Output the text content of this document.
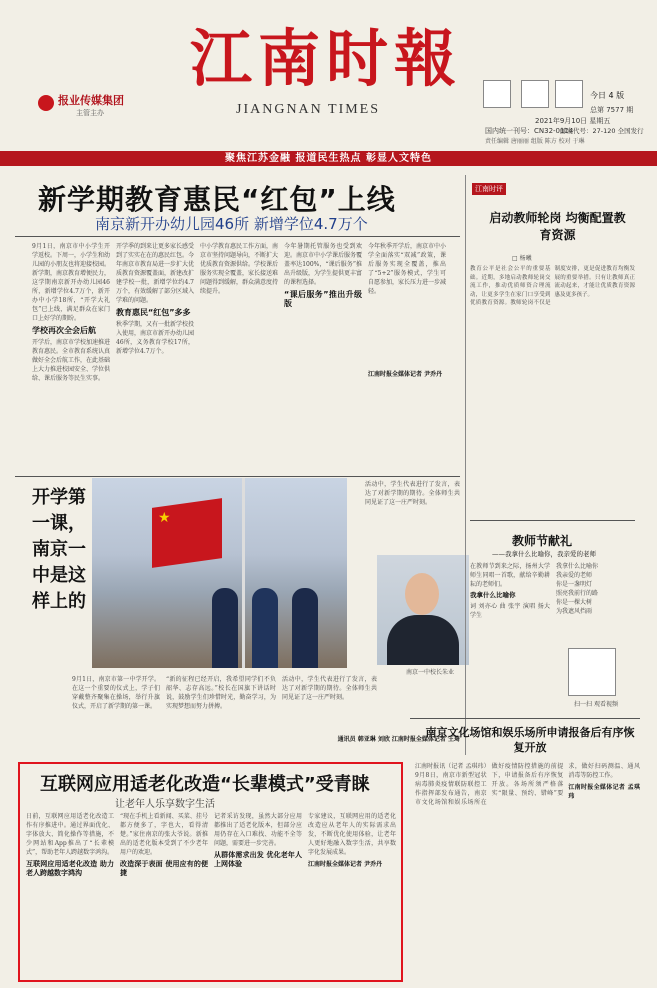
报业传媒集团
主管主办
江南时報
JIANGNAN TIMES
今日 4 版
总第 7577 期
2021年9月10日 星期五
国内统一刊号：CN32-0114
邮发代号：27-120 全国发行
责任编辑 唐丽丽 组版 陈方 校对 于琳
聚焦江苏金融 报道民生热点 彰显人文特色
新学期教育惠民“红包”上线
南京新开办幼儿园46所 新增学位4.7万个

9月1日，南京市中小学生开学返校。下周一，小学生和幼儿园的小朋友也将迎接校园。新学期，南京教育增便民力，这学期南京新开办幼儿园46所，新增学位4.7万个，新开办中小学18所，“开学大礼包”已上线，满足群众在家门口上好学的期盼。

学校再次全会后航

开学后，南京市学校加速推进教育惠民。全市教育系统认真做好全会后航工作，在此基础上大力推进校园安全、学位供给、课后服务等民生实事。

开学季的到来让更多家长感受到了实实在在的惠民红包。今年南京市教育局进一步扩大优质教育资源覆盖面，新建改扩建学校一批，新增学位约4.7万个，有效缓解了部分区域入学难的问题。

教育惠民“红包”多多

秋季学期，又有一批新学校投入使用，南京市新开办幼儿园46所，义务教育学校17所，新增学位4.7万个。

中小学教育惠民工作方面，南京市坚持问题导向，不断扩大优质教育资源供给。学校课后服务实现全覆盖，家长接送难问题得到缓解，群众满意度持续提升。

今年暑期托管服务也受到欢迎。南京市中小学课后服务覆盖率达100%，“课后服务”推出升级版，为学生提供更丰富的课程选择。

“课后服务”推出升级版

今年秋季开学后，南京市中小学全面落实“双减”政策，课后服务实现全覆盖，推出了“5+2”服务模式，学生可自愿参加，家长压力进一步减轻。

江南时报全媒体记者 尹乔丹
开学第一课，南京一中是这样上的
★

活动中，学生代表进行了发言，表达了对新学期的期待。全体师生共同见证了这一庄严时刻。

南京一中校长朱业

9月1日，南京市第一中学开学。在这一个重要的仪式上，学子们穿戴整齐聚集在操场，举行升旗仪式，开启了新学期的第一课。

“新的征程已经开启，我希望同学们不负韶华、志存高远。”校长在国旗下讲话时说，鼓励学生们珍惜时光，勤奋学习，为实现梦想而努力拼搏。

活动中，学生代表进行了发言，表达了对新学期的期待。全体师生共同见证了这一庄严时刻。

通讯员 韩亚琳 刘欣 江南时报全媒体记者 王琦
江南时评
启动教师轮岗 均衡配置教育资源
□ 杨曦

教育公平是社会公平的重要基础。近期，多地启动教师轮岗交流工作，推动优质师资合理流动，让更多学生在家门口享受到优质教育资源。教师轮岗不仅是制度安排，更是促进教育均衡发展的重要举措。只有让教师真正流动起来，才能让优质教育资源惠及更多孩子。

教师节献礼
——我拿什么比喻你，我亲爱的老师

在教师节到来之际，扬州大学师生同唱一首歌，献给辛勤耕耘的老师们。

我拿什么比喻你

词 刘亦心 曲 张宇 演唱 扬大学生

我拿什么比喻你

我亲爱的老师

你是一盏明灯

照亮我前行的路

你是一棵大树

为我遮风挡雨

扫一扫 观看视频
南京文化场馆和娱乐场所申请报备后有序恢复开放

江南时报讯（记者 孟琪玮）9月8日，南京市新型冠状病毒肺炎疫情联防联控工作指挥部发布通告，南京市文化场馆和娱乐场所在做好疫情防控措施的前提下，申请报备后有序恢复开放。各场所须严格落实“限量、预约、错峰”要求，做好扫码测温、通风消毒等防控工作。

江南时报全媒体记者 孟琪玮

互联网应用适老化改造“长辈模式”受青睐
让老年人乐享数字生活

日前，互联网应用适老化改造工作有序推进中。通过界面优化、字体放大、简化操作等措施，不少网站和App推出了“长辈模式”，帮助老年人跨越数字鸿沟。

互联网应用适老化改造 助力老人跨越数字鸿沟

“现在手机上看新闻、买菜、挂号都方便多了，字也大，看得清楚。”家住南京的张大爷说。新推出的适老化版本受到了不少老年用户的欢迎。

改造深于表面 使用应有的便捷

记者采访发现，虽然大部分应用都推出了适老化版本，但部分应用仍存在入口难找、功能不全等问题，需要进一步完善。

从群体需求出发 优化老年人上网体验

专家建议，互联网应用的适老化改造应从老年人的实际需求出发，不断优化使用体验，让老年人更好地融入数字生活，共享数字化发展成果。

江南时报全媒体记者 尹乔丹
